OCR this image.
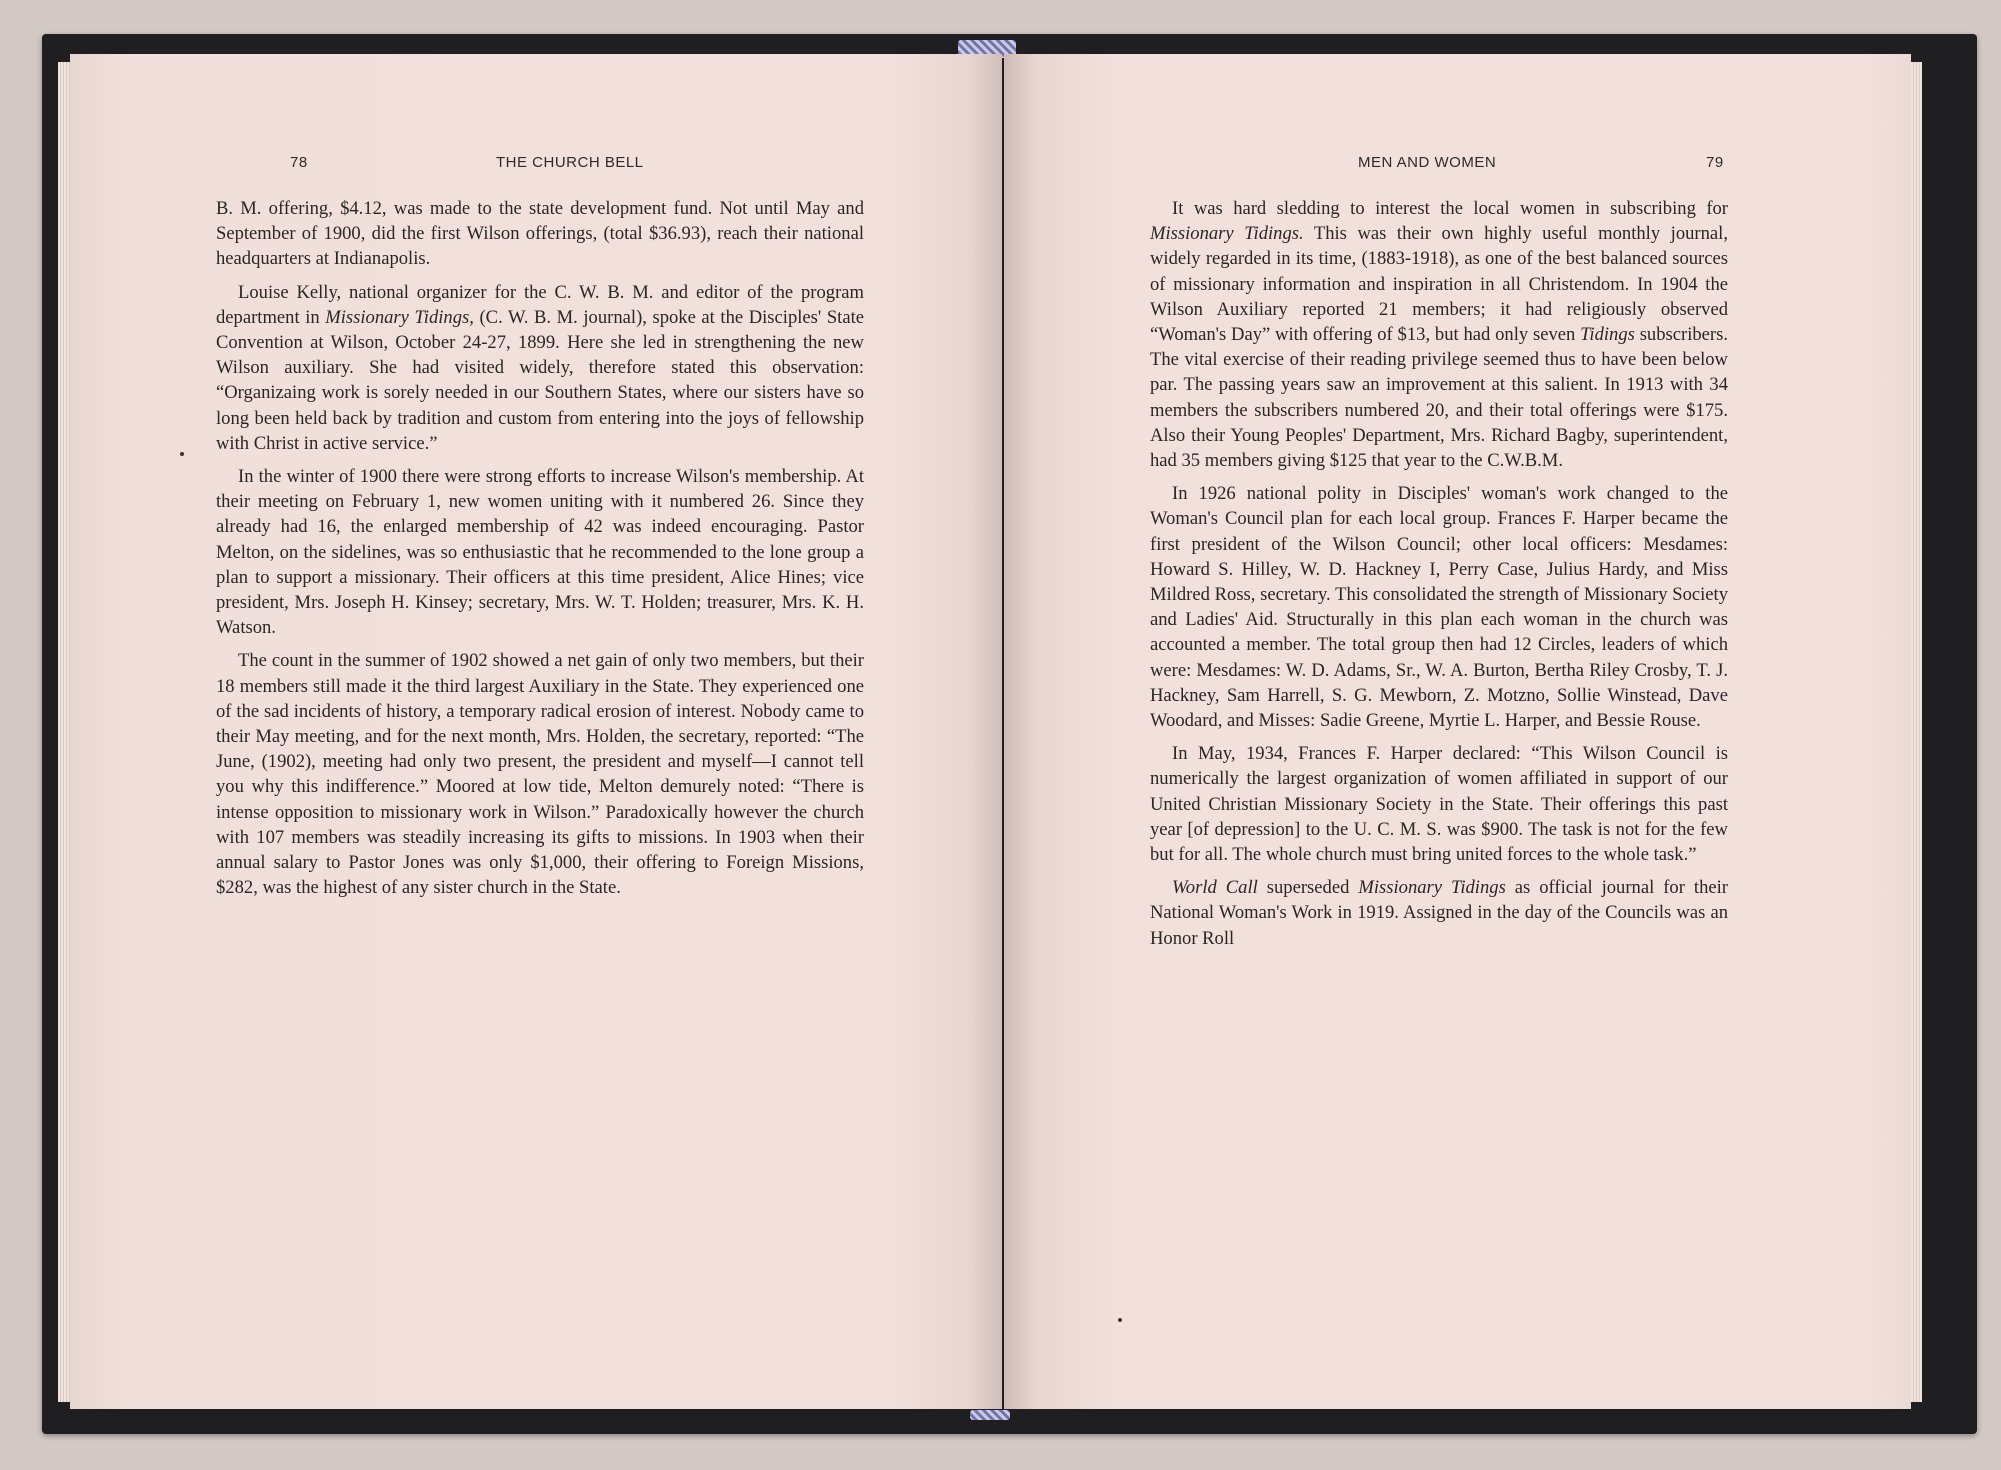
78	THE CHURCH BELL	MEN AND WOMEN	79

B. M. offering, $4.12, was made to the state development fund. Not until May and September of 1900, did the first Wilson offerings, (total $36.93), reach their national headquarters at Indianapolis.

Louise Kelly, national organizer for the C. W. B. M. and editor of the program department in Missionary Tidings, (C. W. B. M. journal), spoke at the Disciples' State Convention at Wilson, October 24-27, 1899. Here she led in strengthening the new Wilson auxiliary. She had visited widely, therefore stated this observation: “Organizaing work is sorely needed in our Southern States, where our sisters have so long been held back by tradition and custom from entering into the joys of fellowship with Christ in active service.”

In the winter of 1900 there were strong efforts to increase Wilson's membership. At their meeting on February 1, new women uniting with it numbered 26. Since they already had 16, the enlarged membership of 42 was indeed encouraging. Pastor Melton, on the sidelines, was so enthusiastic that he recommended to the lone group a plan to support a missionary. Their officers at this time president, Alice Hines; vice president, Mrs. Joseph H. Kinsey; secretary, Mrs. W. T. Holden; treasurer, Mrs. K. H. Watson.

The count in the summer of 1902 showed a net gain of only two members, but their 18 members still made it the third largest Auxiliary in the State. They experienced one of the sad incidents of history, a temporary radical erosion of interest. Nobody came to their May meeting, and for the next month, Mrs. Holden, the secretary, reported: “The June, (1902), meeting had only two present, the president and myself—I cannot tell you why this indifference.” Moored at low tide, Melton demurely noted: “There is intense opposition to missionary work in Wilson.” Paradoxically however the church with 107 members was steadily increasing its gifts to missions. In 1903 when their annual salary to Pastor Jones was only $1,000, their offering to Foreign Missions, $282, was the highest of any sister church in the State.

It was hard sledding to interest the local women in subscribing for Missionary Tidings. This was their own highly useful monthly journal, widely regarded in its time, (1883-1918), as one of the best balanced sources of missionary information and inspiration in all Christendom. In 1904 the Wilson Auxiliary reported 21 members; it had religiously observed “Woman's Day” with offering of $13, but had only seven Tidings subscribers. The vital exercise of their reading privilege seemed thus to have been below par. The passing years saw an improvement at this salient. In 1913 with 34 members the subscribers numbered 20, and their total offerings were $175. Also their Young Peoples' Department, Mrs. Richard Bagby, superintendent, had 35 members giving $125 that year to the C.W.B.M.

In 1926 national polity in Disciples' woman's work changed to the Woman's Council plan for each local group. Frances F. Harper became the first president of the Wilson Council; other local officers: Mesdames: Howard S. Hilley, W. D. Hackney I, Perry Case, Julius Hardy, and Miss Mildred Ross, secretary. This consolidated the strength of Missionary Society and Ladies' Aid. Structurally in this plan each woman in the church was accounted a member. The total group then had 12 Circles, leaders of which were: Mesdames: W. D. Adams, Sr., W. A. Burton, Bertha Riley Crosby, T. J. Hackney, Sam Harrell, S. G. Mewborn, Z. Motzno, Sollie Winstead, Dave Woodard, and Misses: Sadie Greene, Myrtie L. Harper, and Bessie Rouse.

In May, 1934, Frances F. Harper declared: “This Wilson Council is numerically the largest organization of women affiliated in support of our United Christian Missionary Society in the State. Their offerings this past year [of depression] to the U. C. M. S. was $900. The task is not for the few but for all. The whole church must bring united forces to the whole task.”

World Call superseded Missionary Tidings as official journal for their National Woman's Work in 1919. Assigned in the day of the Councils was an Honor Roll
